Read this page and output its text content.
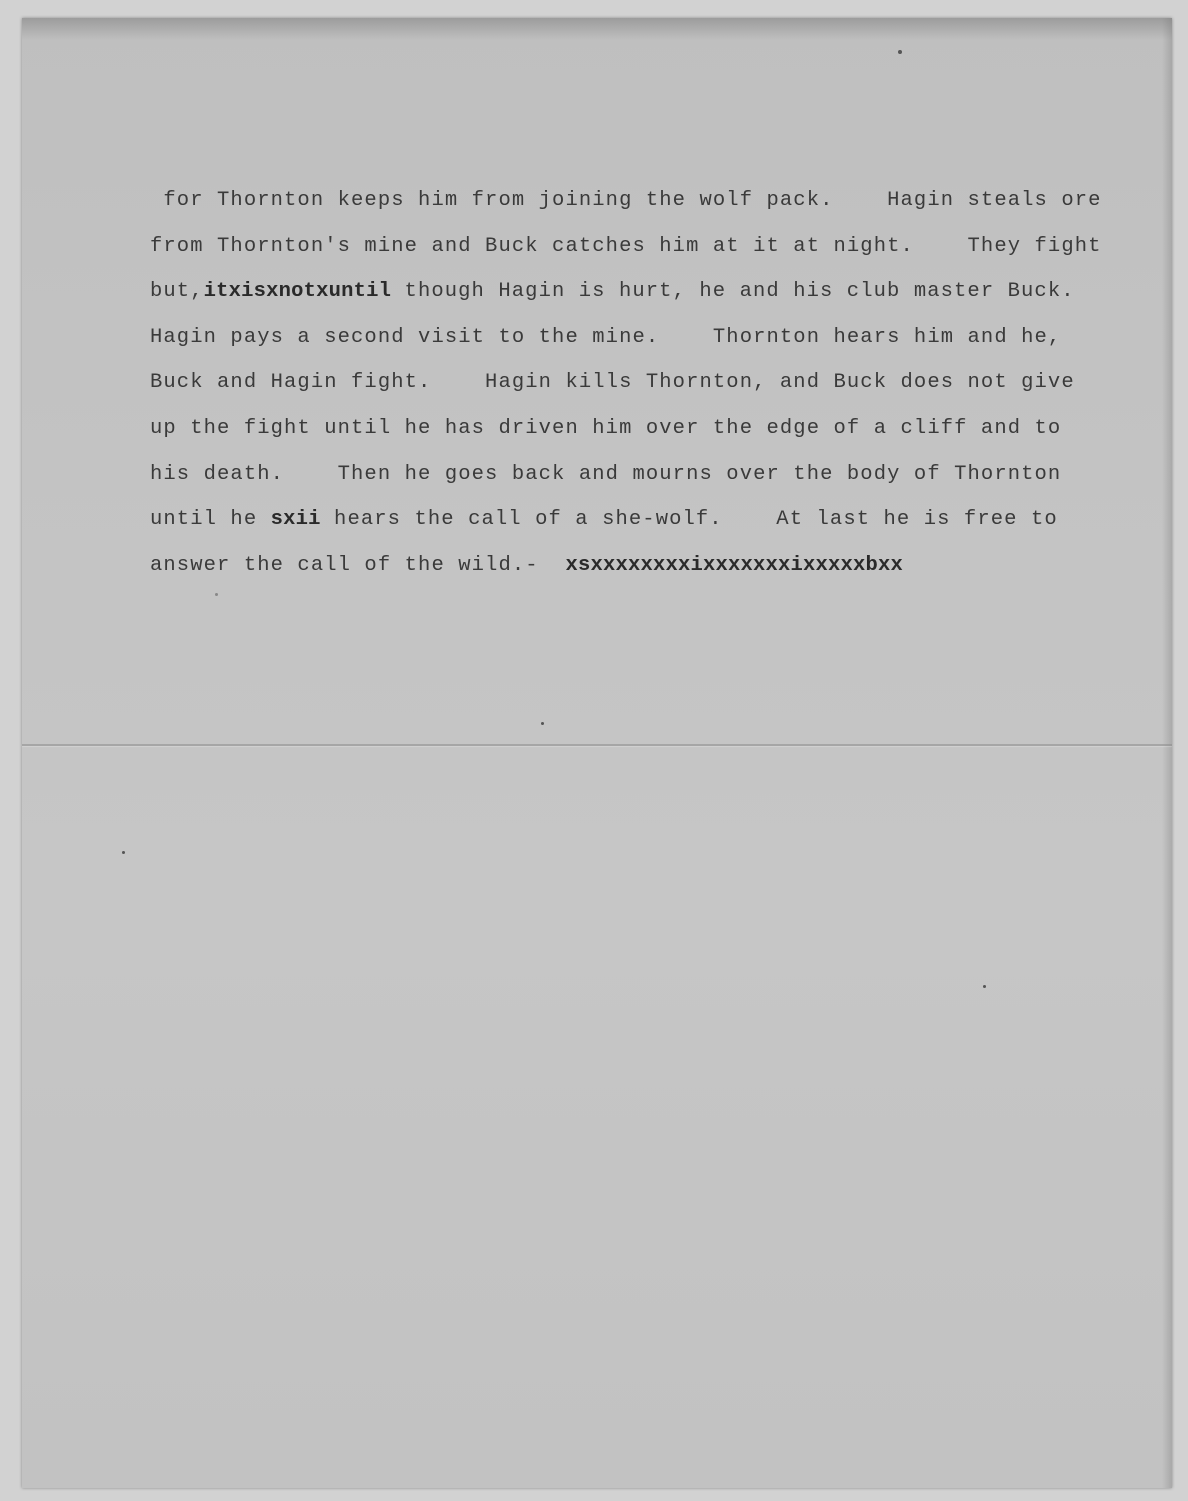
for Thornton keeps him from joining the wolf pack.    Hagin steals ore
from Thornton's mine and Buck catches him at it at night.    They fight
but,itxisxnotxuntil though Hagin is hurt, he and his club master Buck.
Hagin pays a second visit to the mine.    Thornton hears him and he,
Buck and Hagin fight.    Hagin kills Thornton, and Buck does not give
up the fight until he has driven him over the edge of a cliff and to
his death.    Then he goes back and mourns over the body of Thornton
until he sxii hears the call of a she-wolf.    At last he is free to
answer the call of the wild.-  xsxxxxxxxxixxxxxxxixxxxxbxx
